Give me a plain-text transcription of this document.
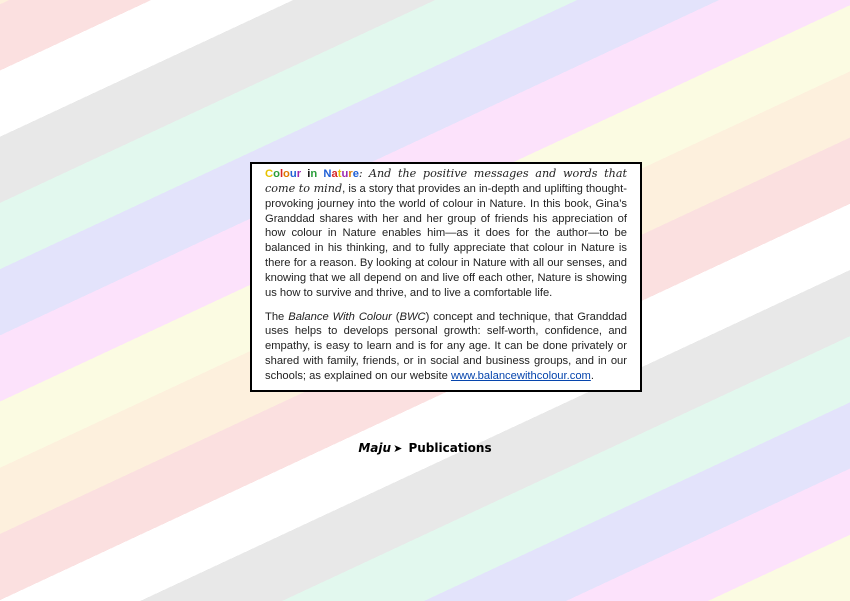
Colour in Nature: And the positive messages and words that come to mind, is a story that provides an in-depth and uplifting thought-provoking journey into the world of colour in Nature. In this book, Gina’s Granddad shares with her and her group of friends his appreciation of how colour in Nature enables him—as it does for the author—to be balanced in his thinking, and to fully appreciate that colour in Nature is there for a reason. By looking at colour in Nature with all our senses, and knowing that we all depend on and live off each other, Nature is showing us how to survive and thrive, and to live a comfortable life.

The Balance With Colour (BWC) concept and technique, that Granddad uses helps to develops personal growth: self-worth, confidence, and empathy, is easy to learn and is for any age. It can be done privately or shared with family, friends, or in social and business groups, and in our schools; as explained on our website www.balancewithcolour.com.

Maju ➤ Publications
